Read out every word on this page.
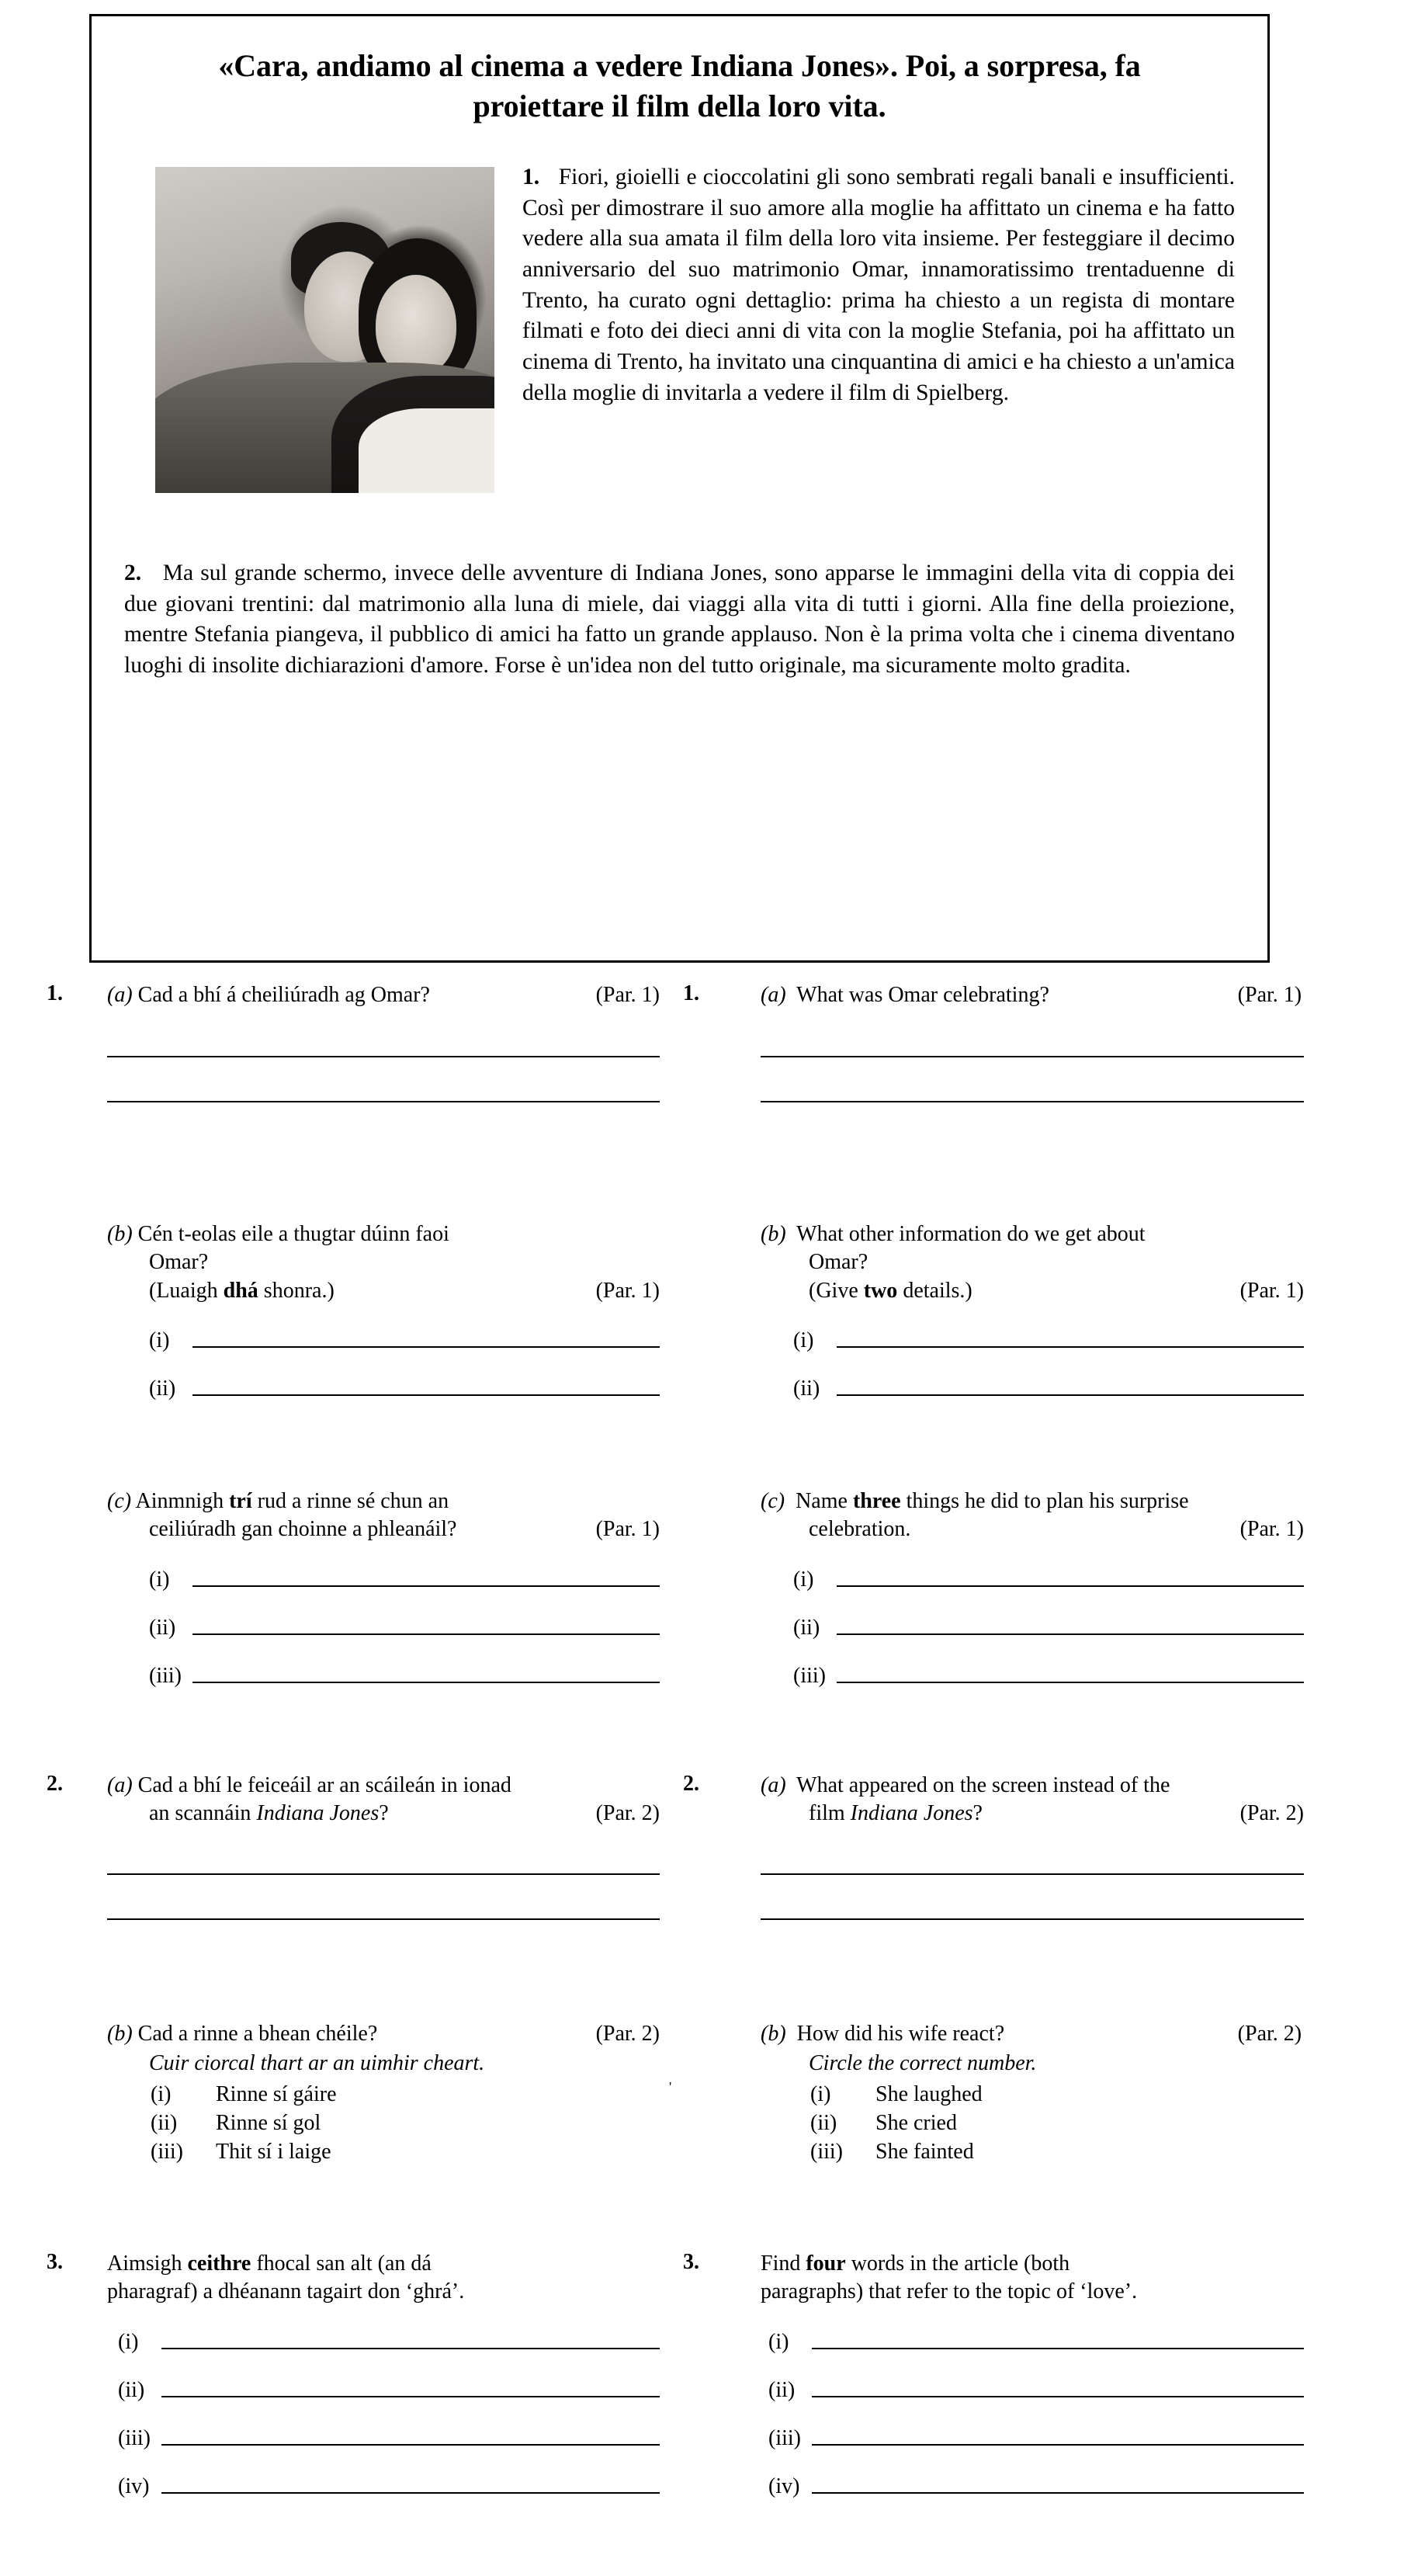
«Cara, andiamo al cinema a vedere Indiana Jones». Poi, a sorpresa, fa proiettare il film della loro vita.
1. Fiori, gioielli e cioccolatini gli sono sembrati regali banali e insufficienti. Così per dimostrare il suo amore alla moglie ha affittato un cinema e ha fatto vedere alla sua amata il film della loro vita insieme. Per festeggiare il decimo anniversario del suo matrimonio Omar, innamoratissimo trentaduenne di Trento, ha curato ogni dettaglio: prima ha chiesto a un regista di montare filmati e foto dei dieci anni di vita con la moglie Stefania, poi ha affittato un cinema di Trento, ha invitato una cinquantina di amici e ha chiesto a un'amica della moglie di invitarla a vedere il film di Spielberg.
2. Ma sul grande schermo, invece delle avventure di Indiana Jones, sono apparse le immagini della vita di coppia dei due giovani trentini: dal matrimonio alla luna di miele, dai viaggi alla vita di tutti i giorni. Alla fine della proiezione, mentre Stefania piangeva, il pubblico di amici ha fatto un grande applauso. Non è la prima volta che i cinema diventano luoghi di insolite dichiarazioni d'amore. Forse è un'idea non del tutto originale, ma sicuramente molto gradita.
1.	(Par. 1)
(a) Cad a bhí á cheiliúradh ag Omar?	1.	(Par. 1)
(a) What was Omar celebrating?
(b) Cén t-eolas eile a thugtar dúinn faoi
Omar?
(Par. 1)
(Luaigh dhá shonra.)
(i)
(ii)
(b) What other information do we get about
Omar?
(Par. 1)
(Give two details.)
(i)
(ii)
(c) Ainmnigh trí rud a rinne sé chun an
(Par. 1)
ceiliúradh gan choinne a phleanáil?
(i)
(ii)
(iii)
(c) Name three things he did to plan his surprise
(Par. 1)
celebration.
(i)
(ii)
(iii)
2. (a) Cad a bhí le feiceáil ar an scáileán in ionad
(Par. 2)
an scannáin Indiana Jones?
2.	(a) What appeared on the screen instead of the
(Par. 2)
film Indiana Jones?
(Par. 2)
(b) Cad a rinne a bhean chéile?
Cuir ciorcal thart ar an uimhir cheart.
(i)	Rinne sí gáire
(ii)	Rinne sí gol
(iii)	Thit sí i laige
'
(Par. 2)
(b) How did his wife react?
Circle the correct number.
(i)	She laughed
(ii)	She cried
(iii)	She fainted
3. Aimsigh ceithre fhocal san alt (an dá
pharagraf) a dhéanann tagairt don ‘ghrá’.
(i)
(ii)
(iii)
(iv)
3.	Find four words in the article (both
paragraphs) that refer to the topic of ‘love’.
(i)
(ii)
(iii)
(iv)
